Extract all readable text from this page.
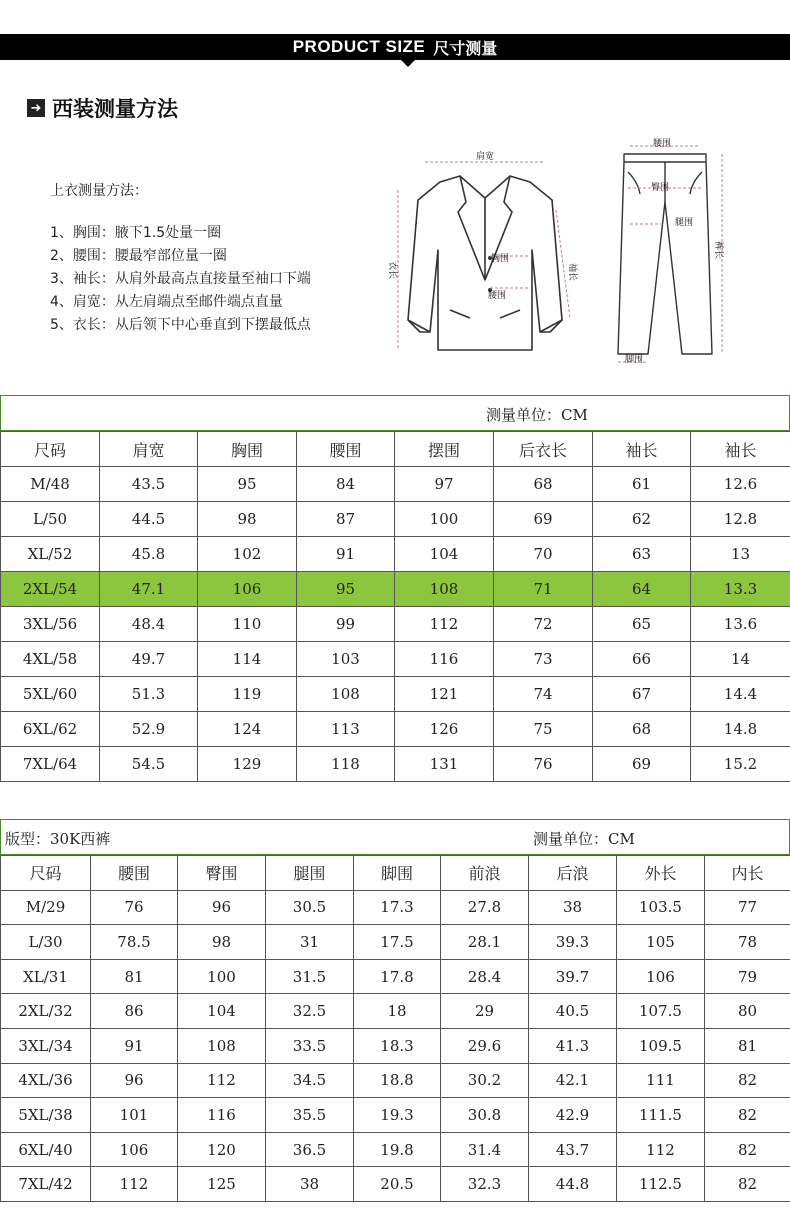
PRODUCT SIZE 尺寸测量
➜ 西装测量方法
上衣测量方法：
1、胸围：腋下1.5处量一圈
2、腰围：腰最窄部位量一圈
3、袖长：从肩外最高点直接量至袖口下端
4、肩宽：从左肩端点至邮件端点直量
5、衣长：从后领下中心垂直到下摆最低点
肩宽
衣长
胸围
腰围
袖长
腰围
臀围
腿围
脚围
裤长
测量单位：CM
尺码	肩宽	胸围	腰围	摆围	后衣长	袖长	袖长
M/48	43.5	95	84	97	68	61	12.6
L/50	44.5	98	87	100	69	62	12.8
XL/52	45.8	102	91	104	70	63	13
2XL/54	47.1	106	95	108	71	64	13.3
3XL/56	48.4	110	99	112	72	65	13.6
4XL/58	49.7	114	103	116	73	66	14
5XL/60	51.3	119	108	121	74	67	14.4
6XL/62	52.9	124	113	126	75	68	14.8
7XL/64	54.5	129	118	131	76	69	15.2
版型：30K西裤	测量单位：CM
尺码	腰围	臀围	腿围	脚围	前浪	后浪	外长	内长
M/29	76	96	30.5	17.3	27.8	38	103.5	77
L/30	78.5	98	31	17.5	28.1	39.3	105	78
XL/31	81	100	31.5	17.8	28.4	39.7	106	79
2XL/32	86	104	32.5	18	29	40.5	107.5	80
3XL/34	91	108	33.5	18.3	29.6	41.3	109.5	81
4XL/36	96	112	34.5	18.8	30.2	42.1	111	82
5XL/38	101	116	35.5	19.3	30.8	42.9	111.5	82
6XL/40	106	120	36.5	19.8	31.4	43.7	112	82
7XL/42	112	125	38	20.5	32.3	44.8	112.5	82
